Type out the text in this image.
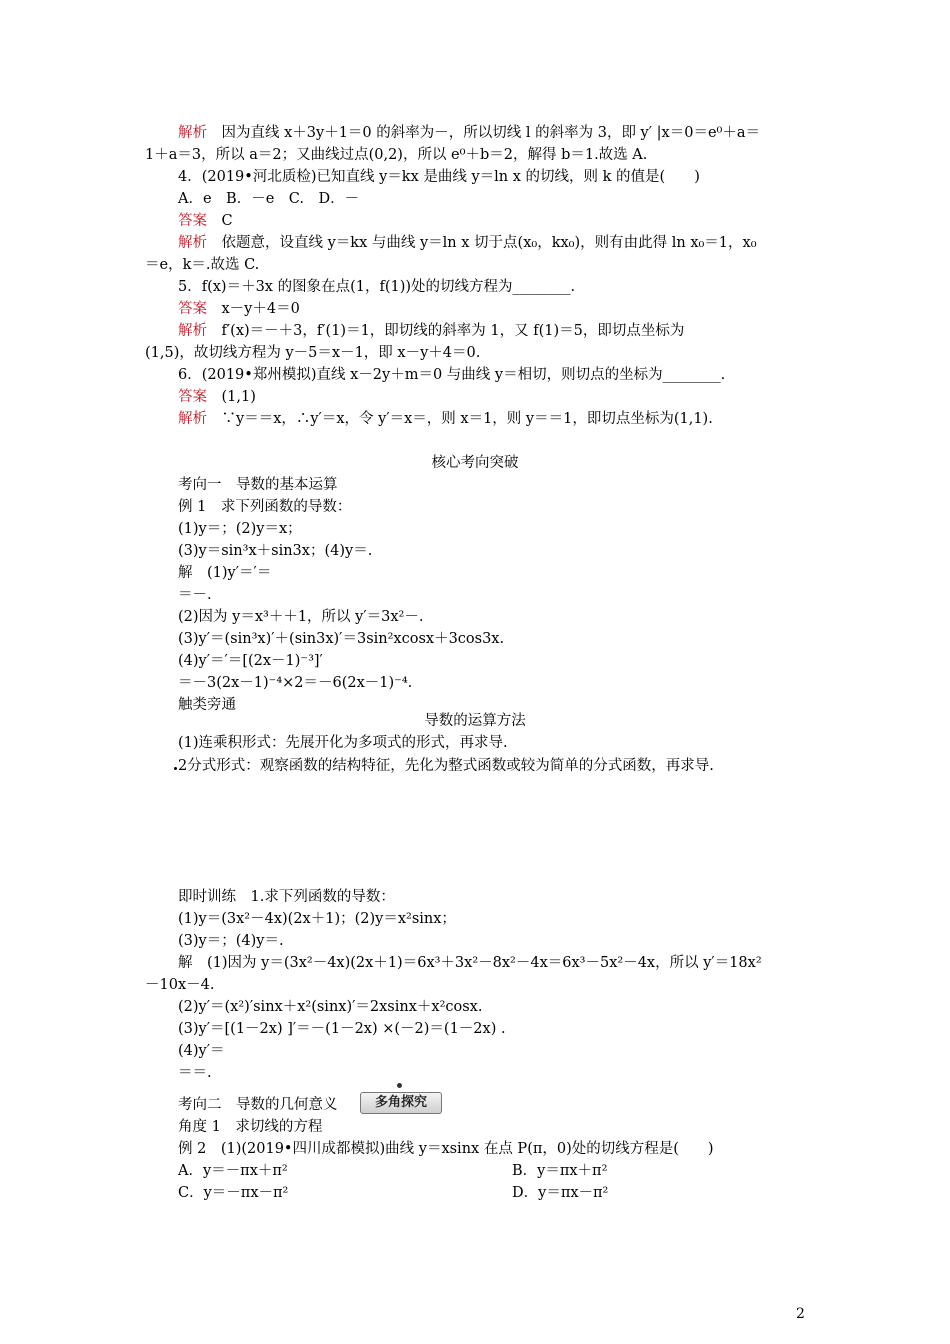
解析　因为直线 x＋3y＋1＝0 的斜率为－，所以切线 l 的斜率为 3，即 y′ |x＝0＝e⁰＋a＝
1＋a＝3，所以 a＝2；又曲线过点(0,2)，所以 e⁰＋b＝2，解得 b＝1.故选 A.
4．(2019•河北质检)已知直线 y＝kx 是曲线 y＝ln x 的切线，则 k 的值是(　　)
A．e　B．－e　C.　D．－
答案　C
解析　依题意，设直线 y＝kx 与曲线 y＝ln x 切于点(x₀，kx₀)，则有由此得 ln x₀＝1，x₀
＝e，k＝.故选 C.
5．f(x)＝＋3x 的图象在点(1，f(1))处的切线方程为________.
答案　x－y＋4＝0
解析　f′(x)＝－＋3，f′(1)＝1，即切线的斜率为 1，又 f(1)＝5，即切点坐标为
(1,5)，故切线方程为 y－5＝x－1，即 x－y＋4＝0.
6．(2019•郑州模拟)直线 x－2y＋m＝0 与曲线 y＝相切，则切点的坐标为________.
答案　(1,1)
解析　∵y＝＝x，∴y′＝x，令 y′＝x＝，则 x＝1，则 y＝＝1，即切点坐标为(1,1).
核心考向突破
考向一　导数的基本运算
例 1　求下列函数的导数：
(1)y＝；(2)y＝x；
(3)y＝sin³x＋sin3x；(4)y＝.
解　(1)y′＝′＝
＝－.
(2)因为 y＝x³＋＋1，所以 y′＝3x²－.
(3)y′＝(sin³x)′＋(sin3x)′＝3sin²xcosx＋3cos3x.
(4)y′＝′＝[(2x－1)⁻³]′
＝－3(2x－1)⁻⁴×2＝－6(2x－1)⁻⁴.
触类旁通
导数的运算方法
(1)连乘积形式：先展开化为多项式的形式，再求导.
2分式形式：观察函数的结构特征，先化为整式函数或较为简单的分式函数，再求导.
即时训练　1.求下列函数的导数：
(1)y＝(3x²－4x)(2x＋1)；(2)y＝x²sinx；
(3)y＝；(4)y＝.
解　(1)因为 y＝(3x²－4x)(2x＋1)＝6x³＋3x²－8x²－4x＝6x³－5x²－4x，所以 y′＝18x²
－10x－4.
(2)y′＝(x²)′sinx＋x²(sinx)′＝2xsinx＋x²cosx.
(3)y′＝[(1－2x) ]′＝－(1－2x) ×(－2)＝(1－2x) .
(4)y′＝
＝＝.
考向二　导数的几何意义	多角探究
角度 1　求切线的方程
例 2　(1)(2019•四川成都模拟)曲线 y＝xsinx 在点 P(π，0)处的切线方程是(　　)
A．y＝－πx＋π²	B．y＝πx＋π²
C．y＝－πx－π²	D．y＝πx－π²
2
